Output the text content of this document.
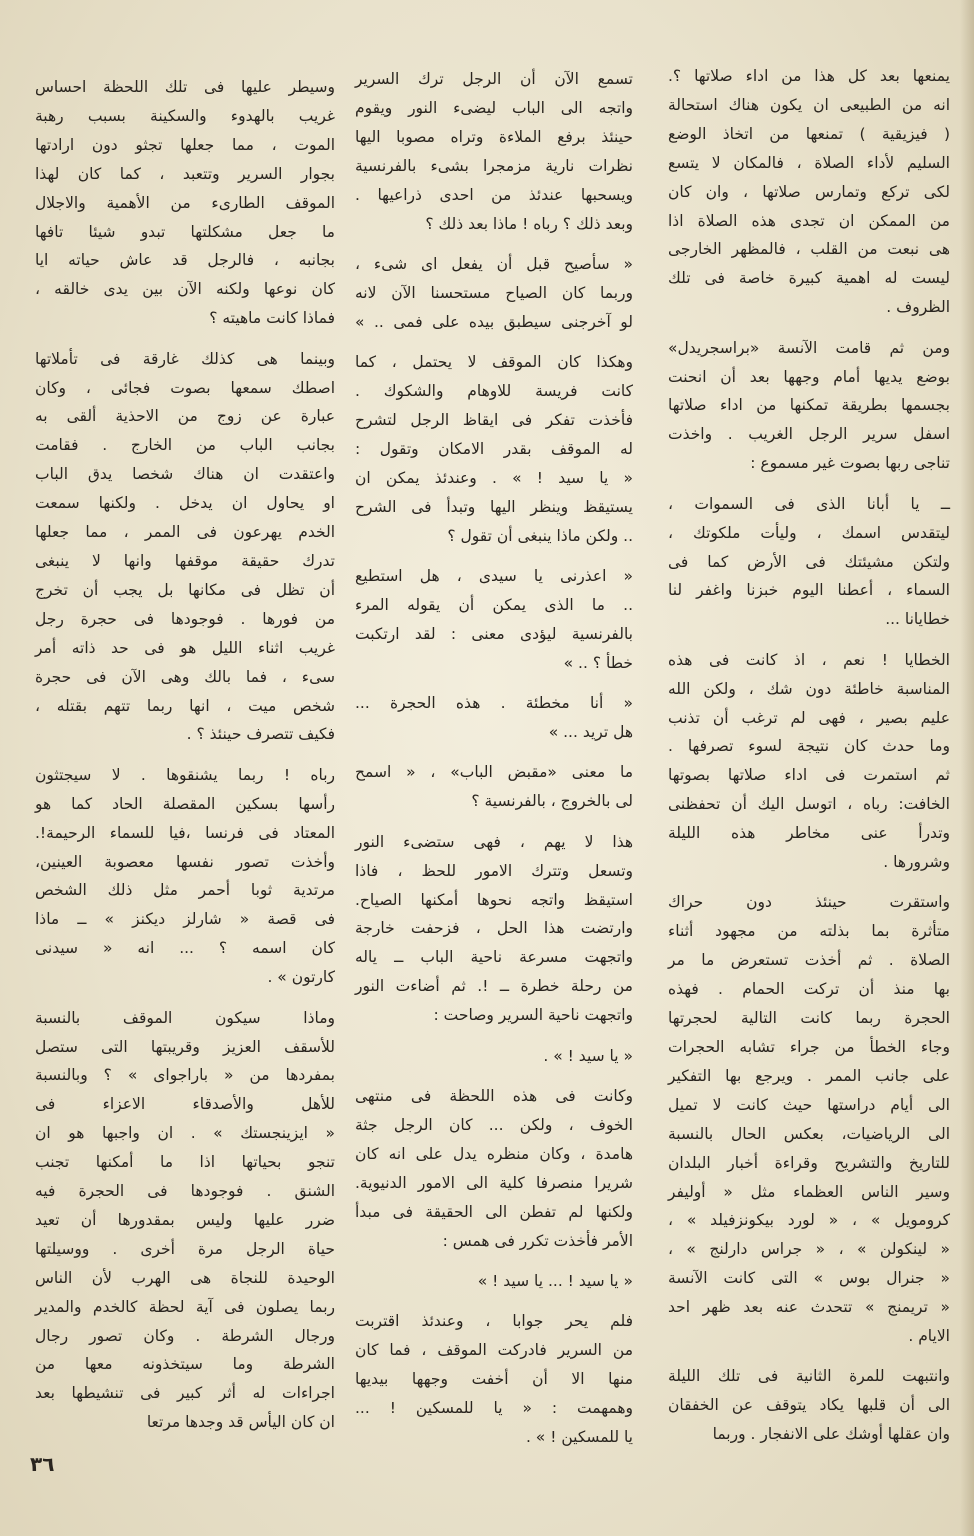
يمنعها بعد كل هذا من اداء صلاتها ؟.
انه من الطبيعى ان يكون هناك استحالة
( فيزيقية ) تمنعها من اتخاذ الوضع
السليم لأداء الصلاة ، فالمكان لا يتسع
لكى تركع وتمارس صلاتها ، وان كان
من الممكن ان تجدى هذه الصلاة اذا
هى نبعت من القلب ، فالمظهر الخارجى
ليست له اهمية كبيرة خاصة فى تلك
الظروف .
ومن ثم قامت الآنسة «براسجريدل»
بوضع يديها أمام وجهها بعد أن انحنت
بجسمها بطريقة تمكنها من اداء صلاتها
اسفل سرير الرجل الغريب . واخذت
تناجى ربها بصوت غير مسموع :
ــ يا أبانا الذى فى السموات ،
ليتقدس اسمك ، وليأت ملكوتك ،
ولتكن مشيئتك فى الأرض كما فى
السماء ، أعطنا اليوم خبزنا واغفر لنا
خطايانا ...
الخطايا ! نعم ، اذ كانت فى هذه
المناسبة خاطئة دون شك ، ولكن الله
عليم بصير ، فهى لم ترغب أن تذنب
وما حدث كان نتيجة لسوء تصرفها .
ثم استمرت فى اداء صلاتها بصوتها
الخافت: رباه ، اتوسل اليك أن تحفظنى
وتدرأ عنى مخاطر هذه الليلة
وشرورها .
واستقرت حينئذ دون حراك
متأثرة بما بذلته من مجهود أثناء
الصلاة . ثم أخذت تستعرض ما مر
بها منذ أن تركت الحمام . فهذه
الحجرة ربما كانت التالية لحجرتها
وجاء الخطأ من جراء تشابه الحجرات
على جانب الممر . ويرجع بها التفكير
الى أيام دراستها حيث كانت لا تميل
الى الرياضيات، بعكس الحال بالنسبة
للتاريخ والتشريح وقراءة أخبار البلدان
وسير الناس العظماء مثل « أوليفر
كرومويل » ، « لورد بيكونزفيلد » ،
« لينكولن » ، « جراس دارلنج » ،
« جنرال بوس » التى كانت الآنسة
« تريمنج » تتحدث عنه بعد ظهر احد
الايام .
وانتبهت للمرة الثانية فى تلك الليلة
الى أن قلبها يكاد يتوقف عن الخفقان
وان عقلها أوشك على الانفجار . وربما
تسمع الآن أن الرجل ترك السرير
واتجه الى الباب ليضىء النور ويقوم
حينئذ برفع الملاءة وتراه مصوبا اليها
نظرات نارية مزمجرا بشىء بالفرنسية
ويسحبها عندئذ من احدى ذراعيها .
وبعد ذلك ؟ رباه ! ماذا بعد ذلك ؟
« سأصيح قبل أن يفعل اى شىء ،
وربما كان الصياح مستحسنا الآن لانه
لو آخرجنى سيطبق بيده على فمى .. »
وهكذا كان الموقف لا يحتمل ، كما
كانت فريسة للاوهام والشكوك .
فأخذت تفكر فى ايقاظ الرجل لتشرح
له الموقف بقدر الامكان وتقول :
« يا سيد ! » . وعندئذ يمكن ان
يستيقظ وينظر اليها وتبدأ فى الشرح
.. ولكن ماذا ينبغى أن تقول ؟
« اعذرنى يا سيدى ، هل استطيع
.. ما الذى يمكن أن يقوله المرء
بالفرنسية ليؤدى معنى : لقد ارتكبت
خطأ ؟ .. »
« أنا مخطئة . هذه الحجرة ...
هل تريد ... »
ما معنى «مقبض الباب» ، « اسمح
لى بالخروج ، بالفرنسية ؟
هذا لا يهم ، فهى ستضىء النور
وتسعل وتترك الامور للحظ ، فاذا
استيقظ واتجه نحوها أمكنها الصياح.
وارتضت هذا الحل ، فزحفت خارجة
واتجهت مسرعة ناحية الباب ــ ياله
من رحلة خطرة ــ !. ثم أضاءت النور
واتجهت ناحية السرير وصاحت :
« يا سيد ! » .
وكانت فى هذه اللحظة فى منتهى
الخوف ، ولكن ... كان الرجل جثة
هامدة ، وكان منظره يدل على انه كان
شريرا منصرفا كلية الى الامور الدنيوية.
ولكنها لم تفطن الى الحقيقة فى مبدأ
الأمر فأخذت تكرر فى همس :
« يا سيد ! ... يا سيد ! »
فلم يحر جوابا ، وعندئذ اقتربت
من السرير فادركت الموقف ، فما كان
منها الا أن أخفت وجهها بيديها
وهمهمت : « يا للمسكين ! ...
يا للمسكين ! » .
وسيطر عليها فى تلك اللحظة احساس
غريب بالهدوء والسكينة بسبب رهبة
الموت ، مما جعلها تجثو دون ارادتها
بجوار السرير وتتعبد ، كما كان لهذا
الموقف الطارىء من الأهمية والاجلال
ما جعل مشكلتها تبدو شيئا تافها
بجانبه ، فالرجل قد عاش حياته ايا
كان نوعها ولكنه الآن بين يدى خالقه ،
فماذا كانت ماهيته ؟
وبينما هى كذلك غارقة فى تأملاتها
اصطك سمعها بصوت فجائى ، وكان
عبارة عن زوج من الاحذية ألقى به
بجانب الباب من الخارج . فقامت
واعتقدت ان هناك شخصا يدق الباب
او يحاول ان يدخل . ولكنها سمعت
الخدم يهرعون فى الممر ، مما جعلها
تدرك حقيقة موقفها وانها لا ينبغى
أن تظل فى مكانها بل يجب أن تخرج
من فورها . فوجودها فى حجرة رجل
غريب اثناء الليل هو فى حد ذاته أمر
سىء ، فما بالك وهى الآن فى حجرة
شخص ميت ، انها ربما تتهم بقتله ،
فكيف تتصرف حينئذ ؟ .
رباه ! ربما يشنقوها . لا سيجتثون
رأسها بسكين المقصلة الحاد كما هو
المعتاد فى فرنسا ،فيا للسماء الرحيمة!.
وأخذت تصور نفسها معصوبة العينين،
مرتدية ثوبا أحمر مثل ذلك الشخص
فى قصة « شارلز ديكنز » ــ ماذا
كان اسمه ؟ ... انه « سيدنى
كارتون » .
وماذا سيكون الموقف بالنسبة
للأسقف العزيز وقريبتها التى ستصل
بمفردها من « باراجواى » ؟ وبالنسبة
للأهل والأصدقاء الاعزاء فى
« ايزينجستك » . ان واجبها هو ان
تنجو بحياتها اذا ما أمكنها تجنب
الشنق . فوجودها فى الحجرة فيه
ضرر عليها وليس بمقدورها أن تعيد
حياة الرجل مرة أخرى . ووسيلتها
الوحيدة للنجاة هى الهرب لأن الناس
ربما يصلون فى آية لحظة كالخدم والمدير
ورجال الشرطة . وكان تصور رجال
الشرطة وما سيتخذونه معها من
اجراءات له أثر كبير فى تنشيطها بعد
ان كان اليأس قد وجدها مرتعا
٣٦
